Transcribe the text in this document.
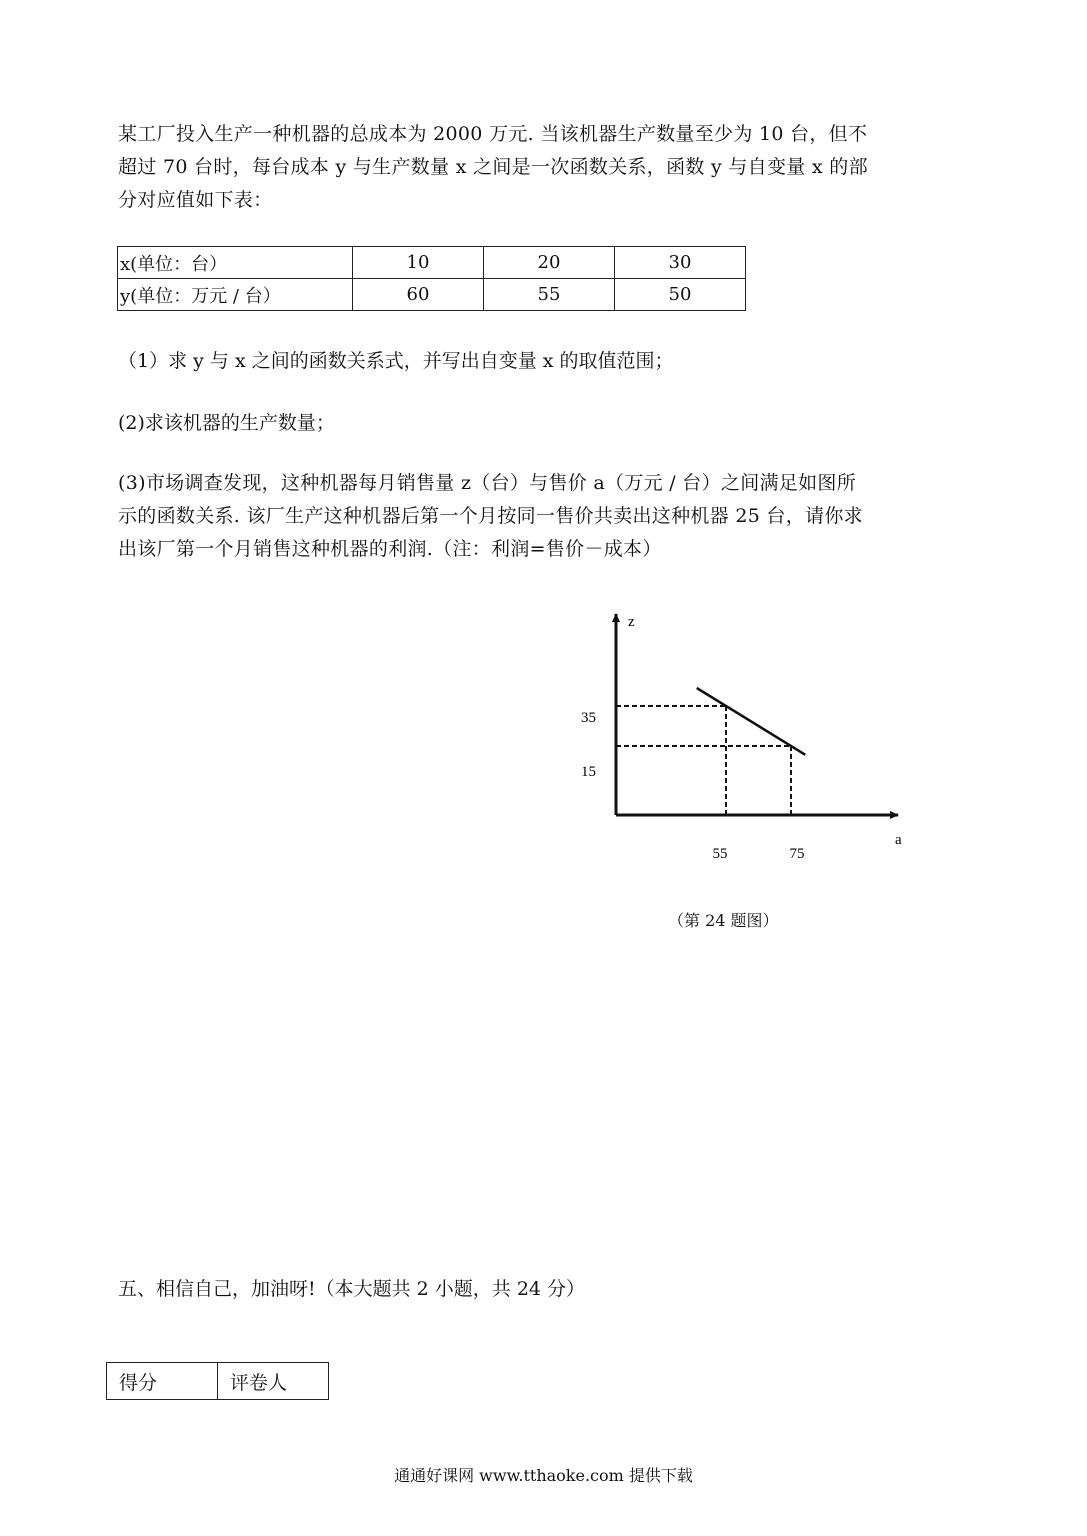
某工厂投入生产一种机器的总成本为 2000 万元. 当该机器生产数量至少为 10 台，但不
超过 70 台时，每台成本 y 与生产数量 x 之间是一次函数关系，函数 y 与自变量 x 的部
分对应值如下表：
x(单位：台）	10	20	30
y(单位：万元 / 台）	60	55	50
（1）求 y 与 x 之间的函数关系式，并写出自变量 x 的取值范围；
(2)求该机器的生产数量；
(3)市场调查发现，这种机器每月销售量 z（台）与售价 a（万元 / 台）之间满足如图所
示的函数关系. 该厂生产这种机器后第一个月按同一售价共卖出这种机器 25 台，请你求
出该厂第一个月销售这种机器的利润.（注：利润=售价－成本）
z
a
55
35
75
15
（第 24 题图）
五、相信自己，加油呀!（本大题共 2 小题，共 24 分）
得分	评卷人
通通好课网 www.tthaoke.com 提供下载
